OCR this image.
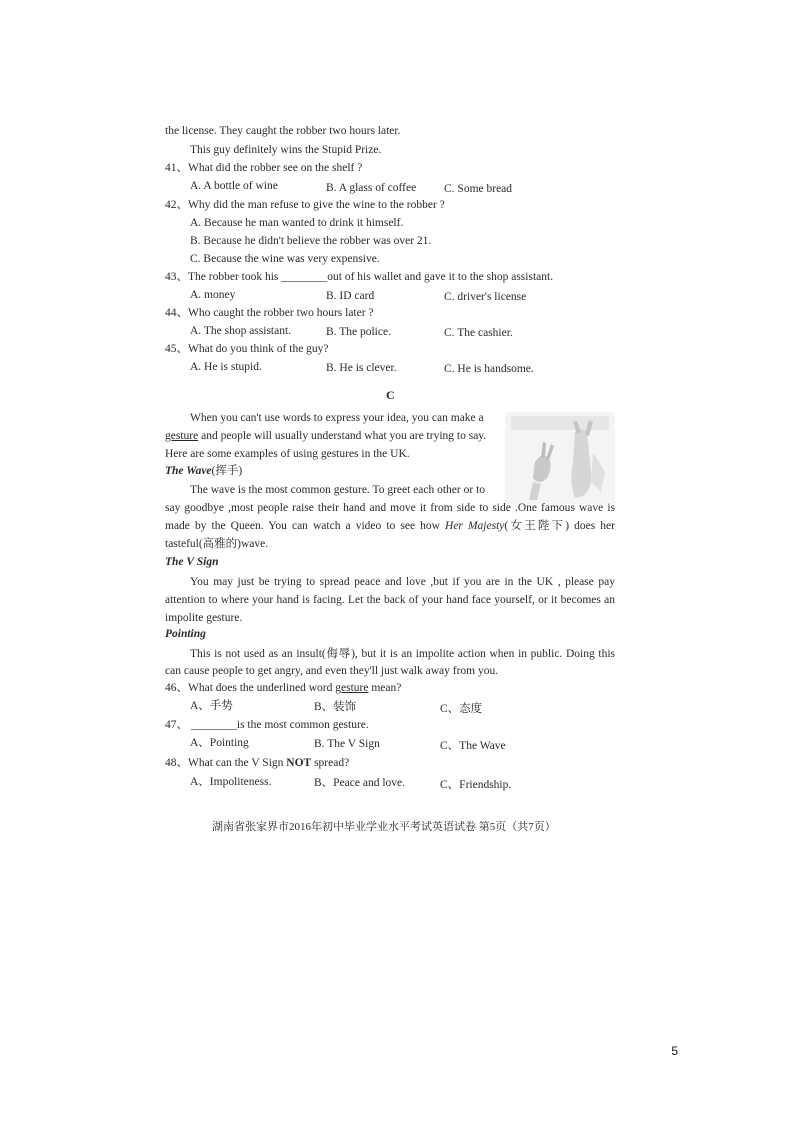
the license. They caught the robber two hours later.
This guy definitely wins the Stupid Prize.
41、What did the robber see on the shelf ?
A. A bottle of wine	B. A glass of coffee C. Some bread
42、Why did the man refuse to give the wine to the robber ?
A. Because he man wanted to drink it himself.
B. Because he didn't believe the robber was over 21.
C. Because the wine was very expensive.
43、The robber took his ________out of his wallet and gave it to the shop assistant.
A. money	B. ID card	C. driver's license
44、Who caught the robber two hours later ?
A. The shop assistant.	B. The police.	C. The cashier.
45、What do you think of the guy?
A. He is stupid.	B. He is clever.	C. He is handsome.
C
When you can't use words to express your idea, you can make a
gesture and people will usually understand what you are trying to say.
Here are some examples of using gestures in the UK.
The Wave(挥手)
The wave is the most common gesture. To greet each other or to
say goodbye ,most people raise their hand and move it from side to side .One famous wave is
made by the Queen. You can watch a video to see how Her Majesty(女王陛下) does her
tasteful(高雅的)wave.
The V Sign
You may just be trying to spread peace and love ,but if you are in the UK , please pay
attention to where your hand is facing. Let the back of your hand face yourself, or it becomes an
impolite gesture.
Pointing
This is not used as an insult(侮辱), but it is an impolite action when in public. Doing this
can cause people to get angry, and even they'll just walk away from you.
46、What does the underlined word gesture mean?
A、手势	B、装饰	C、态度
47、 ________is the most common gesture.
A、Pointing	B. The V Sign	C、The Wave
48、What can the V Sign NOT spread?
A、Impoliteness.	B、Peace and love.	C、Friendship.
湖南省张家界市2016年初中毕业学业水平考试英语试卷 第5页（共7页）
5
